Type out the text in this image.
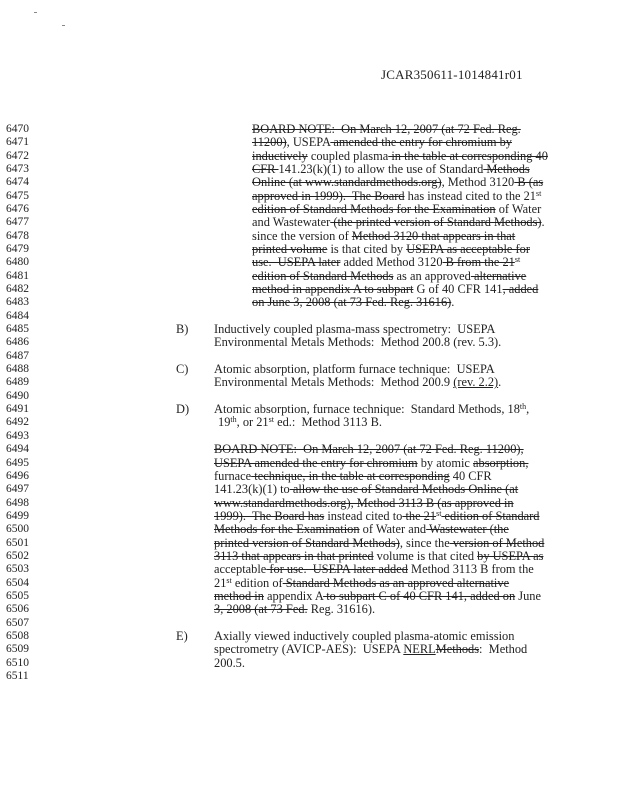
JCAR350611-1014841r01
6470
6471
6472
6473
6474
6475
6476
6477
6478
6479
6480
6481
6482
6483
6484
6485
6486
6487
6488
6489
6490
6491
6492
6493
6494
6495
6496
6497
6498
6499
6500
6501
6502
6503
6504
6505
6506
6507
6508
6509
6510
6511
B)
C)
D)
E)
BOARD NOTE:  On March 12, 2007 (at 72 Fed. Reg.
11200), USEPA amended the entry for chromium by
inductively coupled plasma in the table at corresponding 40
CFR 141.23(k)(1) to allow the use of Standard Methods
Online (at www.standardmethods.org), Method 3120 B (as
approved in 1999).  The Board has instead cited to the 21st
edition of Standard Methods for the Examination of Water
and Wastewater (the printed version of Standard Methods).
since the version of Method 3120 that appears in that
printed volume is that cited by USEPA as acceptable for
use.  USEPA later added Method 3120 B from the 21st
edition of Standard Methods as an approved alternative
method in appendix A to subpart G of 40 CFR 141, added
on June 3, 2008 (at 73 Fed. Reg. 31616).
Inductively coupled plasma-mass spectrometry:  USEPA
Environmental Metals Methods:  Method 200.8 (rev. 5.3).
Atomic absorption, platform furnace technique:  USEPA
Environmental Metals Methods:  Method 200.9 (rev. 2.2).
Atomic absorption, furnace technique:  Standard Methods, 18th,
19th, or 21st ed.:  Method 3113 B.
BOARD NOTE:  On March 12, 2007 (at 72 Fed. Reg. 11200),
USEPA amended the entry for chromium by atomic absorption,
furnace technique, in the table at corresponding 40 CFR
141.23(k)(1) to allow the use of Standard Methods Online (at
www.standardmethods.org), Method 3113 B (as approved in
1999).  The Board has instead cited to the 21st edition of Standard
Methods for the Examination of Water and Wastewater (the
printed version of Standard Methods), since the version of Method
3113 that appears in that printed volume is that cited by USEPA as
acceptable for use.  USEPA later added Method 3113 B from the
21st edition of Standard Methods as an approved alternative
method in appendix A to subpart C of 40 CFR 141, added on June
3, 2008 (at 73 Fed. Reg. 31616).
Axially viewed inductively coupled plasma-atomic emission
spectrometry (AVICP-AES):  USEPA NERLMethods:  Method
200.5.
